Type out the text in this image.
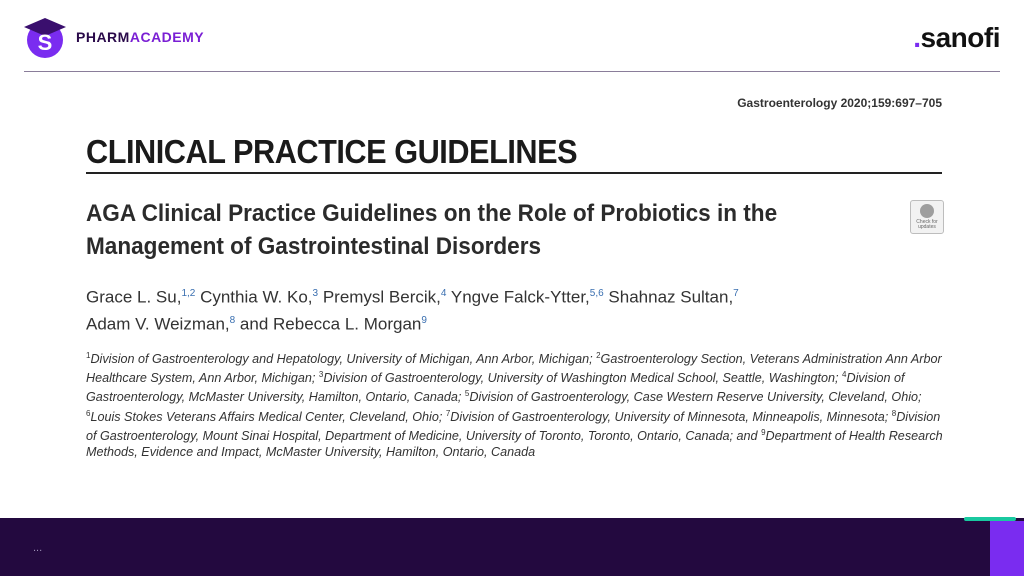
S PHARMACADEMY	.sanofi
Gastroenterology 2020;159:697–705
CLINICAL PRACTICE GUIDELINES
AGA Clinical Practice Guidelines on the Role of Probiotics in the Management of Gastrointestinal Disorders
Check for updates
Grace L. Su,$^{1,2}$ Cynthia W. Ko,$^3$ Premysl Bercik,$^4$ Yngve Falck-Ytter,$^{5,6}$ Shahnaz Sultan,$^7$
Adam V. Weizman,$^8$ and Rebecca L. Morgan$^9$
$^1$Division of Gastroenterology and Hepatology, University of Michigan, Ann Arbor, Michigan; $^2$Gastroenterology Section, Veterans Administration Ann Arbor Healthcare System, Ann Arbor, Michigan; $^3$Division of Gastroenterology, University of Washington Medical School, Seattle, Washington; $^4$Division of Gastroenterology, McMaster University, Hamilton, Ontario, Canada; $^5$Division of Gastroenterology, Case Western Reserve University, Cleveland, Ohio;
$^6$Louis Stokes Veterans Affairs Medical Center, Cleveland, Ohio; $^7$Division of Gastroenterology, University of Minnesota, Minneapolis, Minnesota; $^8$Division of Gastroenterology, Mount Sinai Hospital, Department of Medicine, University of Toronto, Toronto, Ontario, Canada; and $^9$Department of Health Research Methods, Evidence and Impact, McMaster University, Hamilton, Ontario, Canada
...
